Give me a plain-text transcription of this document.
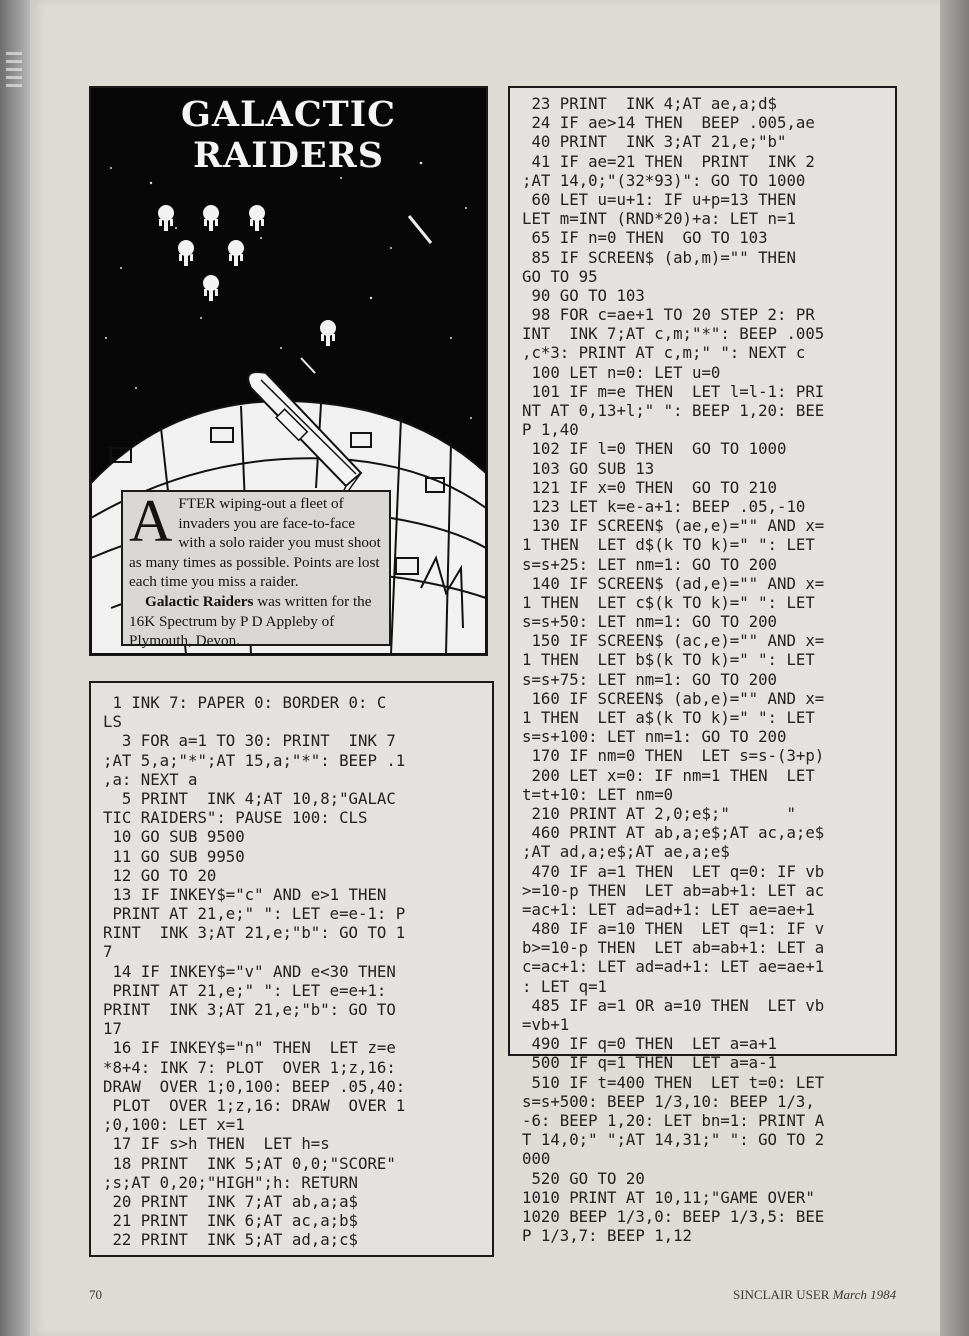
GALACTIC RAIDERS
AFTER wiping-out a fleet of invaders you are face-to-face with a solo raider you must shoot as many times as possible. Points are lost each time you miss a raider.
Galactic Raiders was written for the 16K Spectrum by P D Appleby of Plymouth, Devon.
23 PRINT  INK 4;AT ae,a;d$
24 IF ae>14 THEN  BEEP .005,ae
40 PRINT  INK 3;AT 21,e;"b"
41 IF ae=21 THEN  PRINT  INK 2
;AT 14,0;"(32*93)": GO TO 1000
60 LET u=u+1: IF u+p=13 THEN
LET m=INT (RND*20)+a: LET n=1
65 IF n=0 THEN  GO TO 103
85 IF SCREEN$ (ab,m)="" THEN
GO TO 95
90 GO TO 103
98 FOR c=ae+1 TO 20 STEP 2: PR
INT  INK 7;AT c,m;"*": BEEP .005
,c*3: PRINT AT c,m;" ": NEXT c
100 LET n=0: LET u=0
101 IF m=e THEN  LET l=l-1: PRI
NT AT 0,13+l;" ": BEEP 1,20: BEE
P 1,40
102 IF l=0 THEN  GO TO 1000
103 GO SUB 13
121 IF x=0 THEN  GO TO 210
123 LET k=e-a+1: BEEP .05,-10
130 IF SCREEN$ (ae,e)="" AND x=
1 THEN  LET d$(k TO k)=" ": LET
s=s+25: LET nm=1: GO TO 200
140 IF SCREEN$ (ad,e)="" AND x=
1 THEN  LET c$(k TO k)=" ": LET
s=s+50: LET nm=1: GO TO 200
150 IF SCREEN$ (ac,e)="" AND x=
1 THEN  LET b$(k TO k)=" ": LET
s=s+75: LET nm=1: GO TO 200
160 IF SCREEN$ (ab,e)="" AND x=
1 THEN  LET a$(k TO k)=" ": LET
s=s+100: LET nm=1: GO TO 200
170 IF nm=0 THEN  LET s=s-(3+p)
200 LET x=0: IF nm=1 THEN  LET
t=t+10: LET nm=0
210 PRINT AT 2,0;e$;"      "
460 PRINT AT ab,a;e$;AT ac,a;e$
;AT ad,a;e$;AT ae,a;e$
470 IF a=1 THEN  LET q=0: IF vb
>=10-p THEN  LET ab=ab+1: LET ac
=ac+1: LET ad=ad+1: LET ae=ae+1
480 IF a=10 THEN  LET q=1: IF v
b>=10-p THEN  LET ab=ab+1: LET a
c=ac+1: LET ad=ad+1: LET ae=ae+1
: LET q=1
485 IF a=1 OR a=10 THEN  LET vb
=vb+1
490 IF q=0 THEN  LET a=a+1
500 IF q=1 THEN  LET a=a-1
510 IF t=400 THEN  LET t=0: LET
s=s+500: BEEP 1/3,10: BEEP 1/3,
-6: BEEP 1,20: LET bn=1: PRINT A
T 14,0;" ";AT 14,31;" ": GO TO 2
000
520 GO TO 20
1010 PRINT AT 10,11;"GAME OVER"
1020 BEEP 1/3,0: BEEP 1/3,5: BEE
P 1/3,7: BEEP 1,12
1 INK 7: PAPER 0: BORDER 0: C
LS
3 FOR a=1 TO 30: PRINT  INK 7
;AT 5,a;"*";AT 15,a;"*": BEEP .1
,a: NEXT a
5 PRINT  INK 4;AT 10,8;"GALAC
TIC RAIDERS": PAUSE 100: CLS
10 GO SUB 9500
11 GO SUB 9950
12 GO TO 20
13 IF INKEY$="c" AND e>1 THEN
PRINT AT 21,e;" ": LET e=e-1: P
RINT  INK 3;AT 21,e;"b": GO TO 1
7
14 IF INKEY$="v" AND e<30 THEN
PRINT AT 21,e;" ": LET e=e+1:
PRINT  INK 3;AT 21,e;"b": GO TO
17
16 IF INKEY$="n" THEN  LET z=e
*8+4: INK 7: PLOT  OVER 1;z,16:
DRAW  OVER 1;0,100: BEEP .05,40:
PLOT  OVER 1;z,16: DRAW  OVER 1
;0,100: LET x=1
17 IF s>h THEN  LET h=s
18 PRINT  INK 5;AT 0,0;"SCORE"
;s;AT 0,20;"HIGH";h: RETURN
20 PRINT  INK 7;AT ab,a;a$
21 PRINT  INK 6;AT ac,a;b$
22 PRINT  INK 5;AT ad,a;c$
70	SINCLAIR USER March 1984
